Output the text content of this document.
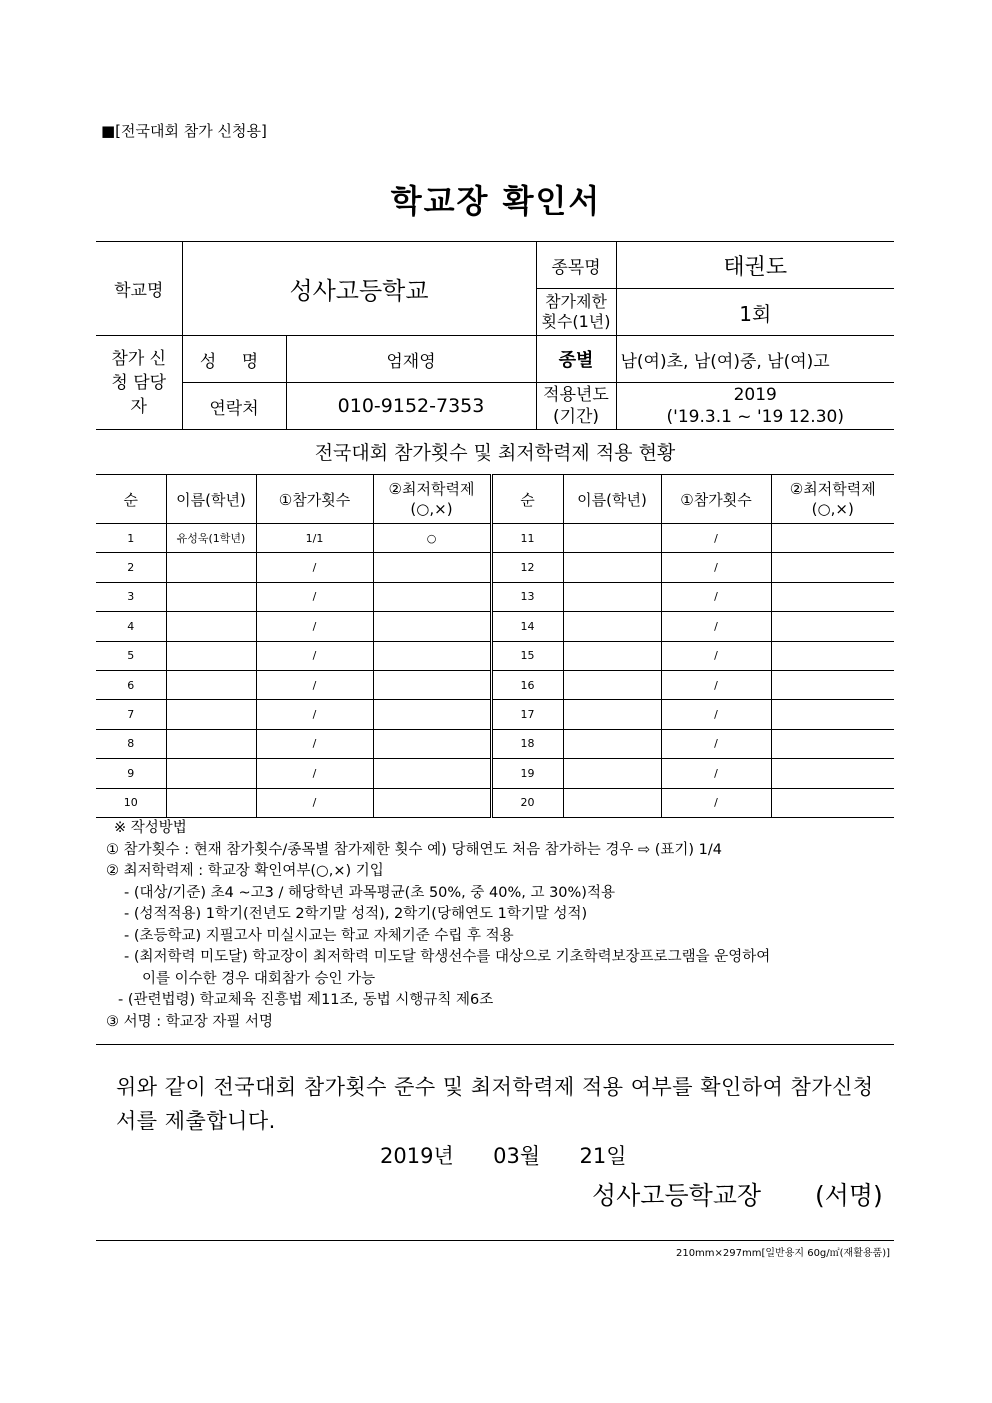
■[전국대회 참가 신청용]
학교장 확인서
학교명	성사고등학교		종목명	태권도
			참가제한 횟수(1년)	1회
참가 신청 담당자	성 명	엄재영	종별	남(여)초, 남(여)중, 남(여)고
	연락처	010-9152-7353	적용년도 (기간)	2019
('19.3.1 ~ '19 12.30)
전국대회 참가횟수 및 최저학력제 적용 현황
순	이름(학년)	①참가횟수	②최저학력제 (○,×)	순	이름(학년)	①참가횟수	②최저학력제 (○,×)
1	유성욱(1학년)	1/1	○	11		/	
2		/		12		/	
3		/		13		/	
4		/		14		/	
5		/		15		/	
6		/		16		/	
7		/		17		/	
8		/		18		/	
9		/		19		/	
10		/		20		/	
※ 작성방법
① 참가횟수 : 현재 참가횟수/종목별 참가제한 횟수 예) 당해연도 처음 참가하는 경우 ⇨ (표기) 1/4
② 최저학력제 : 학교장 확인여부(○,×) 기입
- (대상/기준) 초4 ~고3 / 해당학년 과목평균(초 50%, 중 40%, 고 30%)적용
- (성적적용) 1학기(전년도 2학기말 성적), 2학기(당해연도 1학기말 성적)
- (초등학교) 지필고사 미실시교는 학교 자체기준 수립 후 적용
- (최저학력 미도달) 학교장이 최저학력 미도달 학생선수를 대상으로 기초학력보장프로그램을 운영하여
이를 이수한 경우 대회참가 승인 가능
- (관련법령) 학교체육 진흥법 제11조, 동법 시행규칙 제6조
③ 서명 : 학교장 자필 서명
위와 같이 전국대회 참가횟수 준수 및 최저학력제 적용 여부를 확인하여 참가신청서를 제출합니다.
2019년 03월 21일
성사고등학교장 (서명)
210mm×297mm[일반용지 60g/㎡(재활용품)]
